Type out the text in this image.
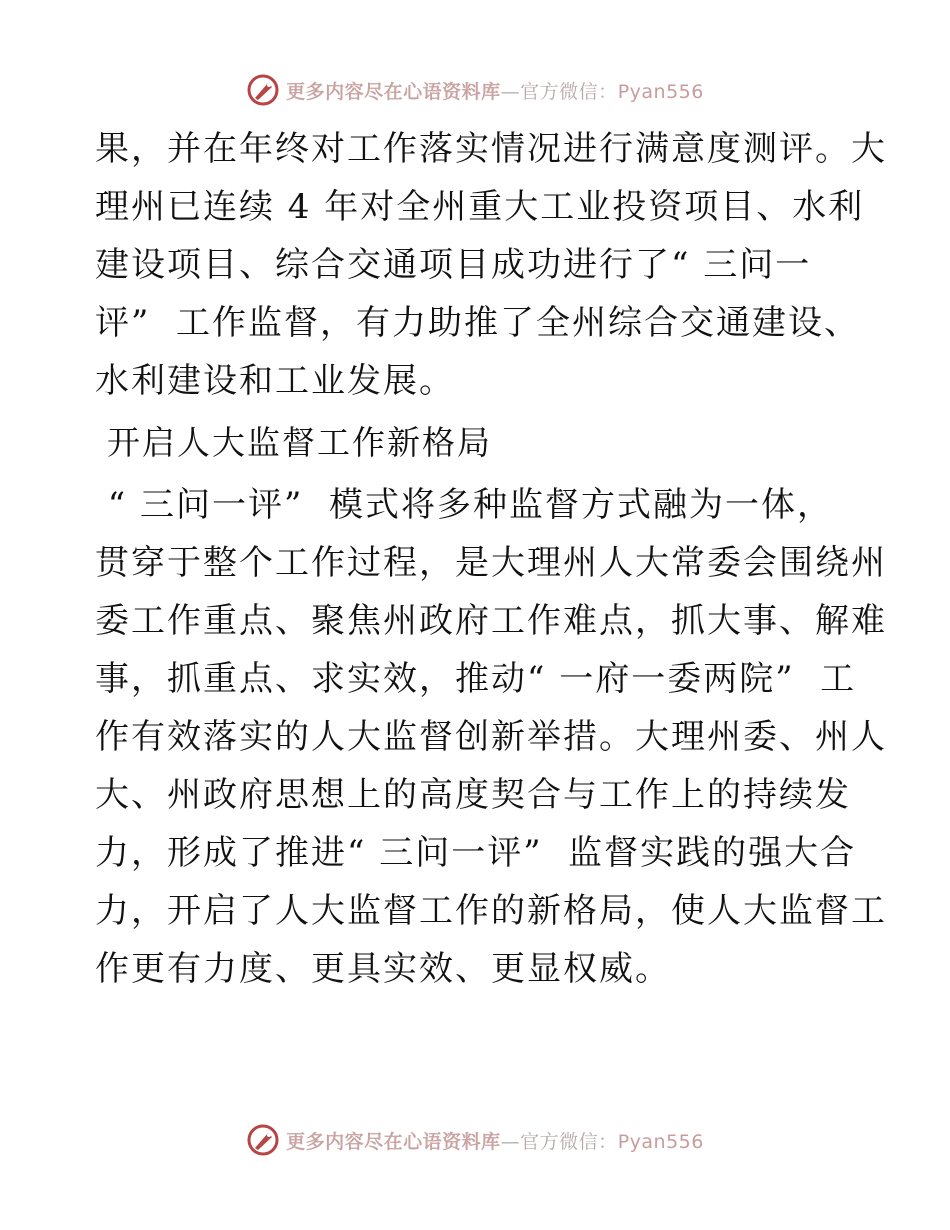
更多内容尽在心语资料库—官方微信：Pyan556
果，并在年终对工作落实情况进行满意度测评。大
理州已连续 4 年对全州重大工业投资项目、水利
建设项目、综合交通项目成功进行了“ 三问一
评”  工作监督，有力助推了全州综合交通建设、
水利建设和工业发展。
开启人大监督工作新格局
“ 三问一评”  模式将多种监督方式融为一体，
贯穿于整个工作过程，是大理州人大常委会围绕州
委工作重点、聚焦州政府工作难点，抓大事、解难
事，抓重点、求实效，推动“ 一府一委两院”  工
作有效落实的人大监督创新举措。大理州委、州人
大、州政府思想上的高度契合与工作上的持续发
力，形成了推进“ 三问一评”  监督实践的强大合
力，开启了人大监督工作的新格局，使人大监督工
作更有力度、更具实效、更显权威。
更多内容尽在心语资料库—官方微信：Pyan556
